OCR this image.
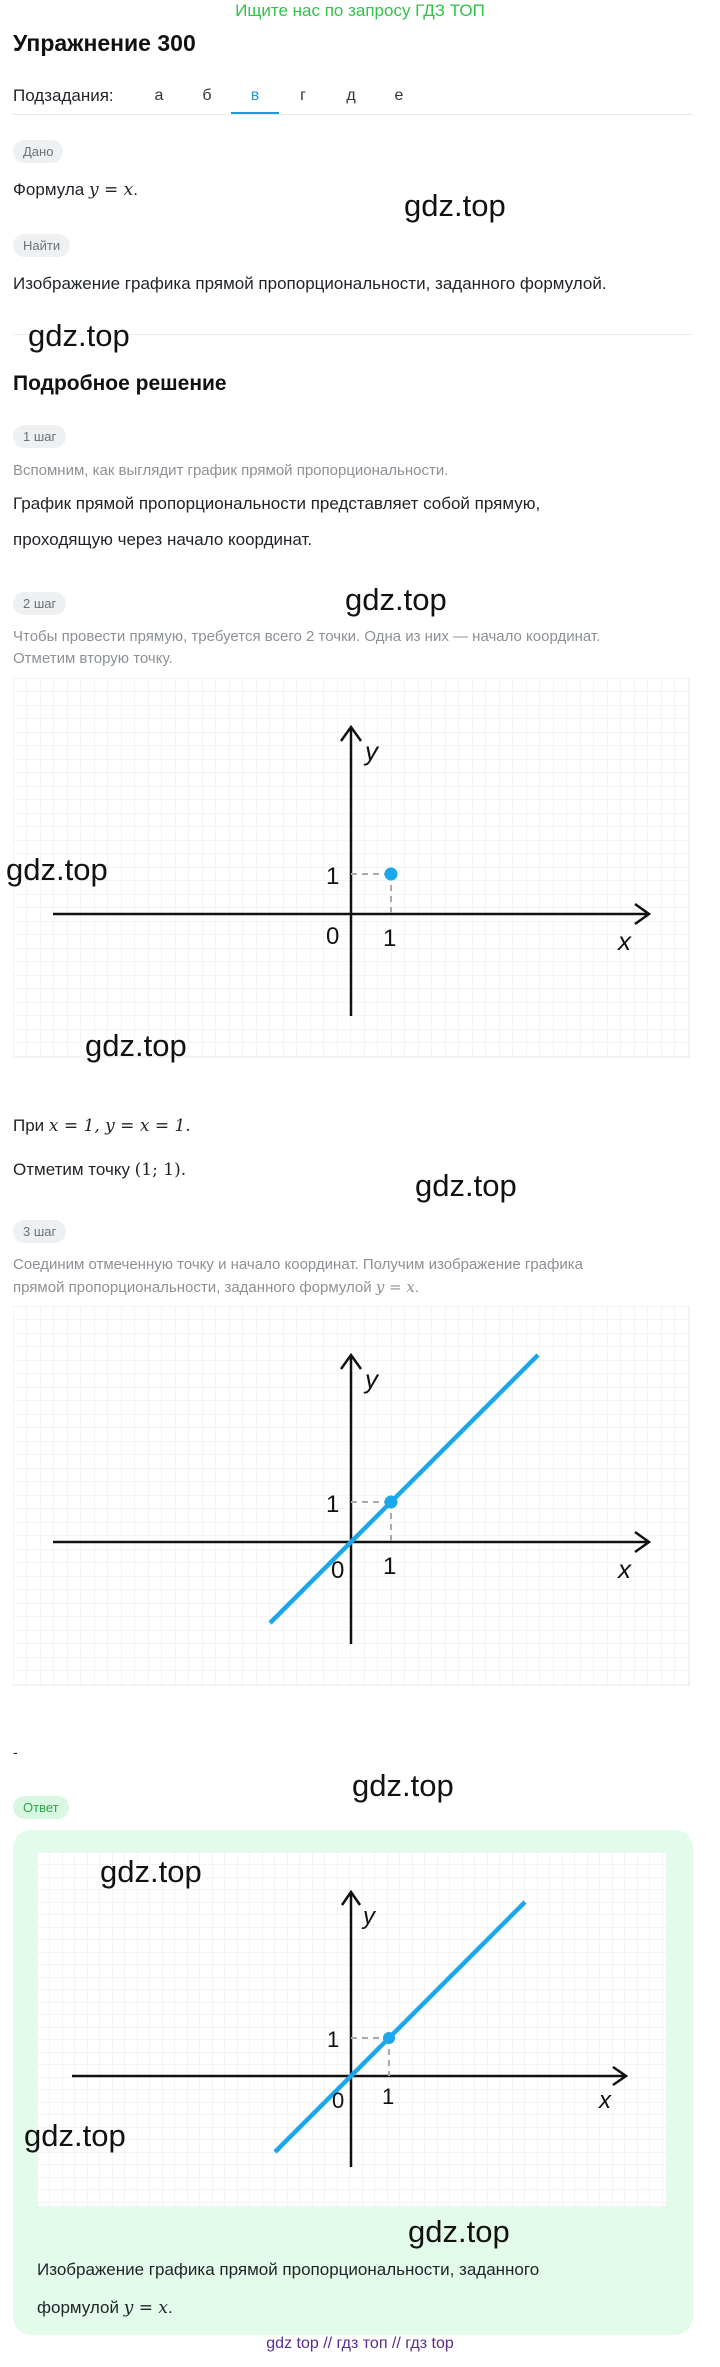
Ищите нас по запросу ГДЗ ТОП
Упражнение 300
Подзадания:	а	б	в	г	д	е
Дано
Формула y = x.	gdz.top
Найти
Изображение графика прямой пропорциональности, заданного формулой.
gdz.top
Подробное решение
1 шаг
Вспомним, как выглядит график прямой пропорциональности.
График прямой пропорциональности представляет собой прямую,
проходящую через начало координат.
2 шаг	gdz.top
Чтобы провести прямую, требуется всего 2 точки. Одна из них — начало координат.
Отметим вторую точку.
y
x
1
1
0
gdz.top
gdz.top
При x = 1, y = x = 1.
Отметим точку (1; 1).	gdz.top
3 шаг
Соединим отмеченную точку и начало координат. Получим изображение графика
прямой пропорциональности, заданного формулой y = x.
y
x
1
1
0
-
gdz.top
Ответ
y
x
1
1
0
gdz.top
gdz.top
gdz.top
Изображение графика прямой пропорциональности, заданного
формулой y = x.
gdz top // гдз топ // гдз top
